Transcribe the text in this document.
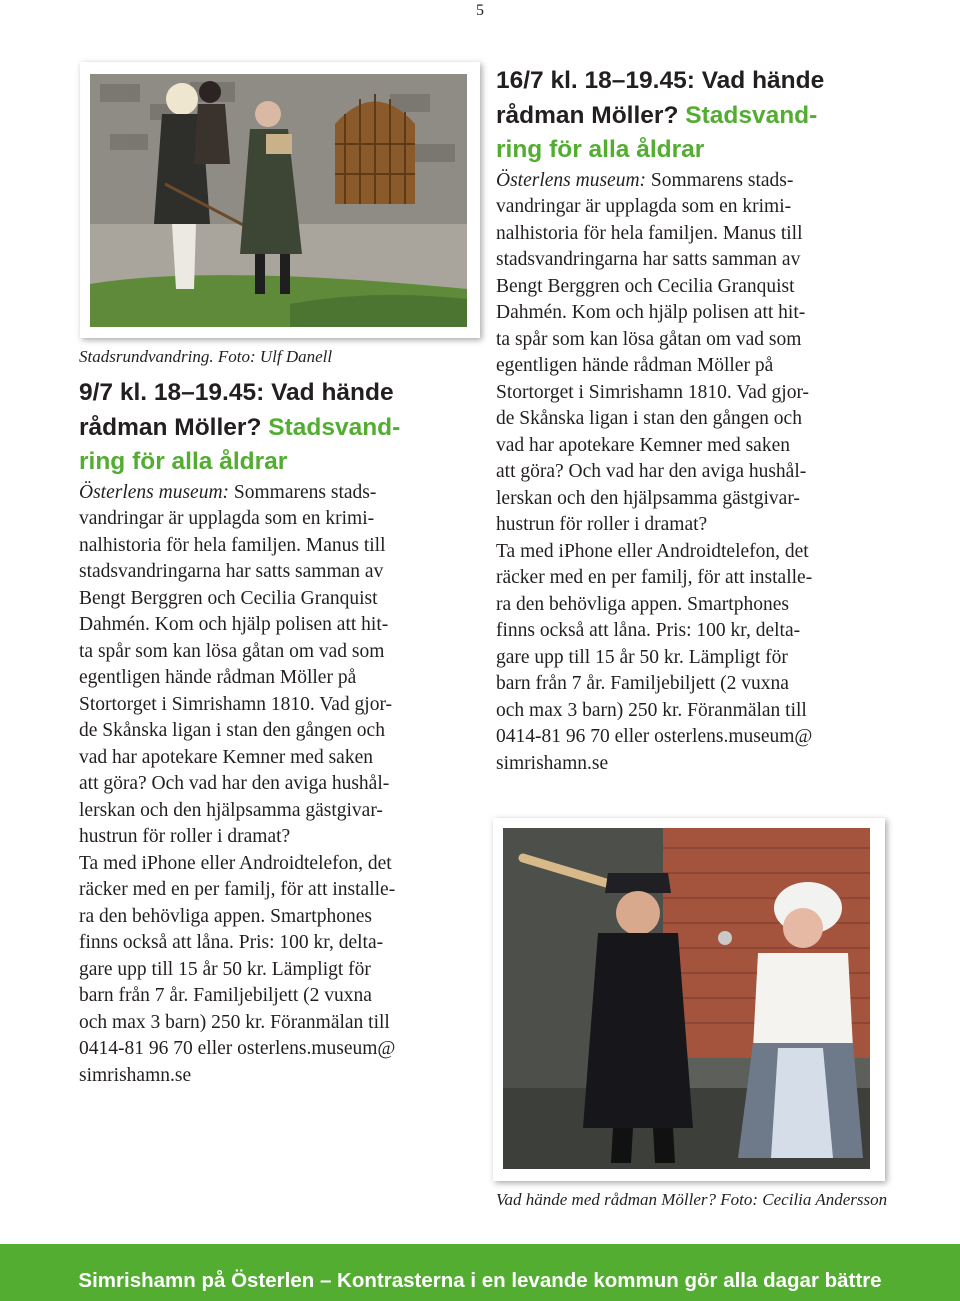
5

Stadsrundvandring. Foto: Ulf Danell

9/7 kl. 18–19.45: Vad hände
rådman Möller? Stadsvand-
ring för alla åldrar
Österlens museum: Sommarens stads-
vandringar är upplagda som en krimi-
nalhistoria för hela familjen. Manus till
stadsvandringarna har satts samman av
Bengt Berggren och Cecilia Granquist
Dahmén. Kom och hjälp polisen att hit-
ta spår som kan lösa gåtan om vad som
egentligen hände rådman Möller på
Stortorget i Simrishamn 1810. Vad gjor-
de Skånska ligan i stan den gången och
vad har apotekare Kemner med saken
att göra? Och vad har den aviga hushål-
lerskan och den hjälpsamma gästgivar-
hustrun för roller i dramat?
Ta med iPhone eller Androidtelefon, det
räcker med en per familj, för att installe-
ra den behövliga appen. Smartphones
finns också att låna. Pris: 100 kr, delta-
gare upp till 15 år 50 kr. Lämpligt för
barn från 7 år. Familjebiljett (2 vuxna
och max 3 barn) 250 kr. Föranmälan till
0414-81 96 70 eller osterlens.museum@
simrishamn.se
16/7 kl. 18–19.45: Vad hände
rådman Möller? Stadsvand-
ring för alla åldrar
Österlens museum: Sommarens stads-
vandringar är upplagda som en krimi-
nalhistoria för hela familjen. Manus till
stadsvandringarna har satts samman av
Bengt Berggren och Cecilia Granquist
Dahmén. Kom och hjälp polisen att hit-
ta spår som kan lösa gåtan om vad som
egentligen hände rådman Möller på
Stortorget i Simrishamn 1810. Vad gjor-
de Skånska ligan i stan den gången och
vad har apotekare Kemner med saken
att göra? Och vad har den aviga hushål-
lerskan och den hjälpsamma gästgivar-
hustrun för roller i dramat?
Ta med iPhone eller Androidtelefon, det
räcker med en per familj, för att installe-
ra den behövliga appen. Smartphones
finns också att låna. Pris: 100 kr, delta-
gare upp till 15 år 50 kr. Lämpligt för
barn från 7 år. Familjebiljett (2 vuxna
och max 3 barn) 250 kr. Föranmälan till
0414-81 96 70 eller osterlens.museum@
simrishamn.se

Vad hände med rådman Möller? Foto: Cecilia Andersson

Simrishamn på Österlen – Kontrasterna i en levande kommun gör alla dagar bättre
